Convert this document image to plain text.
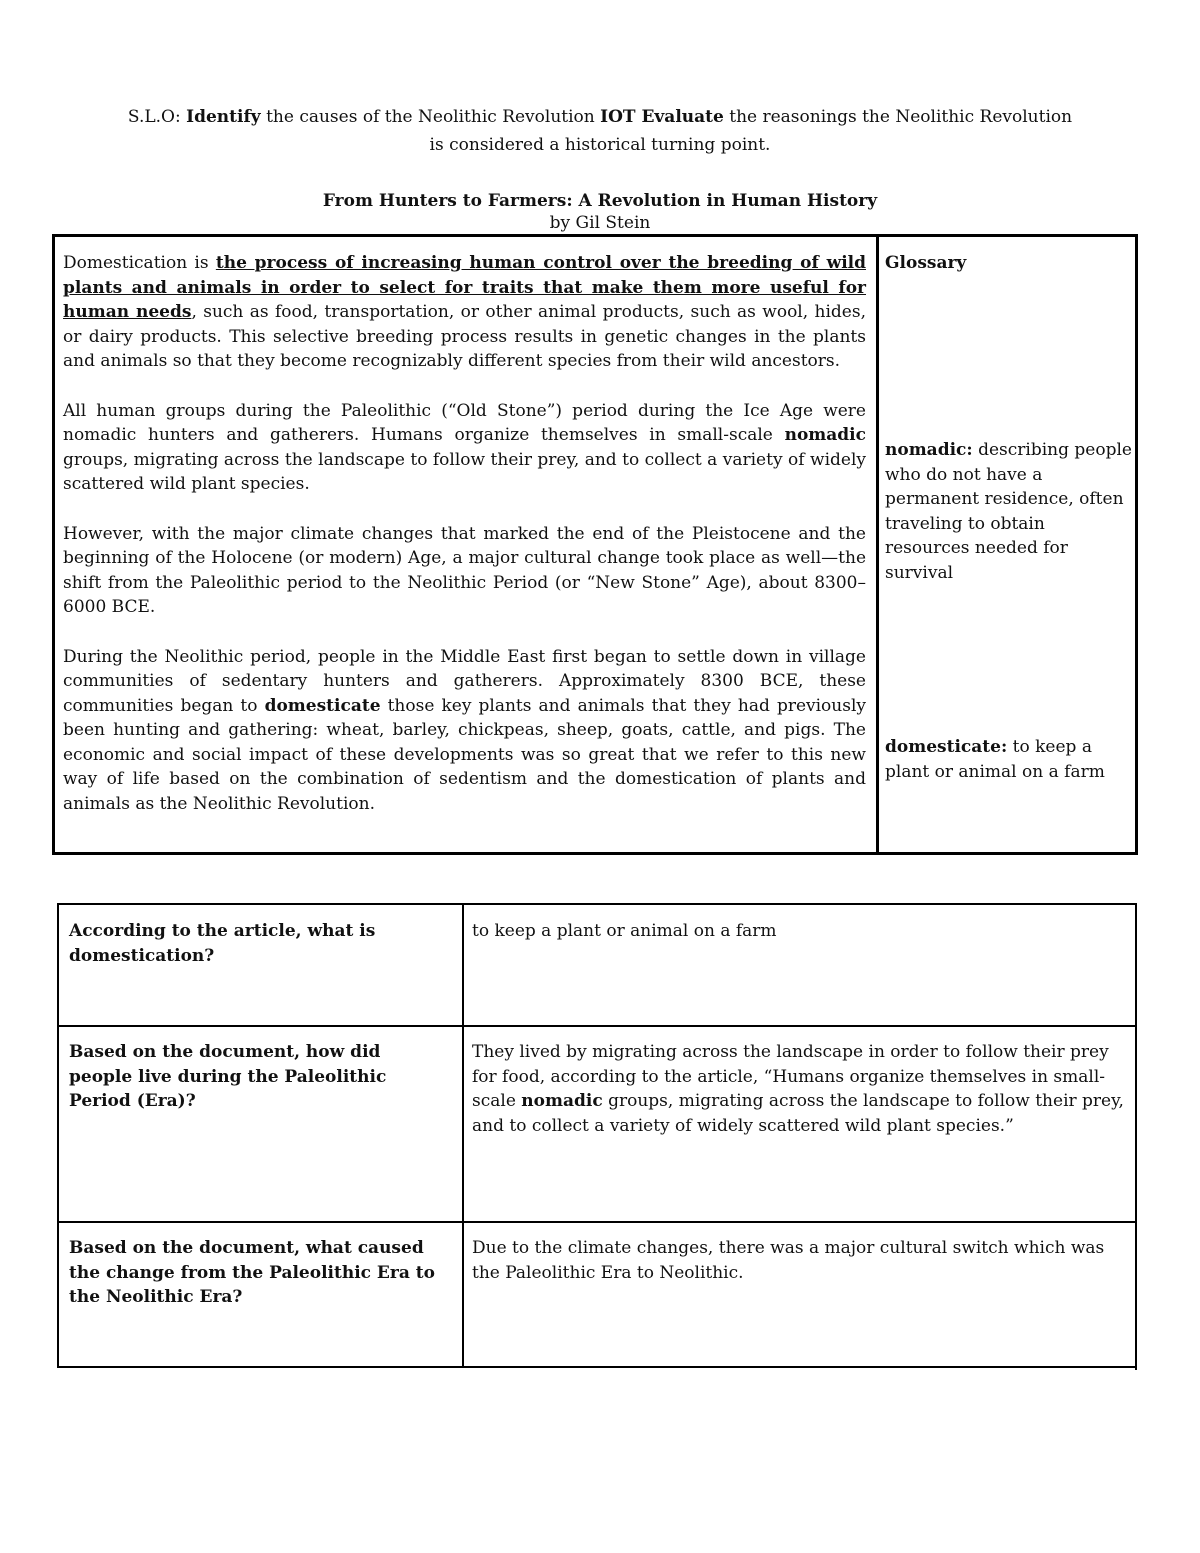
S.L.O: Identify the causes of the Neolithic Revolution IOT Evaluate the reasonings the Neolithic Revolution is considered a historical turning point.
From Hunters to Farmers: A Revolution in Human History
by Gil Stein

Domestication is the process of increasing human control over the breeding of wild plants and animals in order to select for traits that make them more useful for human needs, such as food, transportation, or other animal products, such as wool, hides, or dairy products. This selective breeding process results in genetic changes in the plants and animals so that they become recognizably different species from their wild ancestors.

All human groups during the Paleolithic (“Old Stone”) period during the Ice Age were nomadic hunters and gatherers. Humans organize themselves in small-scale nomadic groups, migrating across the landscape to follow their prey, and to collect a variety of widely scattered wild plant species.

However, with the major climate changes that marked the end of the Pleistocene and the beginning of the Holocene (or modern) Age, a major cultural change took place as well—the shift from the Paleolithic period to the Neolithic Period (or “New Stone” Age), about 8300–6000 BCE.

During the Neolithic period, people in the Middle East first began to settle down in village communities of sedentary hunters and gatherers. Approximately 8300 BCE, these communities began to domesticate those key plants and animals that they had previously been hunting and gathering: wheat, barley, chickpeas, sheep, goats, cattle, and pigs. The economic and social impact of these developments was so great that we refer to this new way of life based on the combination of sedentism and the domestication of plants and animals as the Neolithic Revolution.

Glossary

nomadic: describing people who do not have a permanent residence, often traveling to obtain resources needed for survival

domesticate: to keep a plant or animal on a farm

According to the article, what is domestication?
to keep a plant or animal on a farm
Based on the document, how did people live during the Paleolithic Period (Era)?
They lived by migrating across the landscape in order to follow their prey for food, according to the article, “Humans organize themselves in small-scale nomadic groups, migrating across the landscape to follow their prey, and to collect a variety of widely scattered wild plant species.”
Based on the document, what caused the change from the Paleolithic Era to the Neolithic Era?
Due to the climate changes, there was a major cultural switch which was the Paleolithic Era to Neolithic.
